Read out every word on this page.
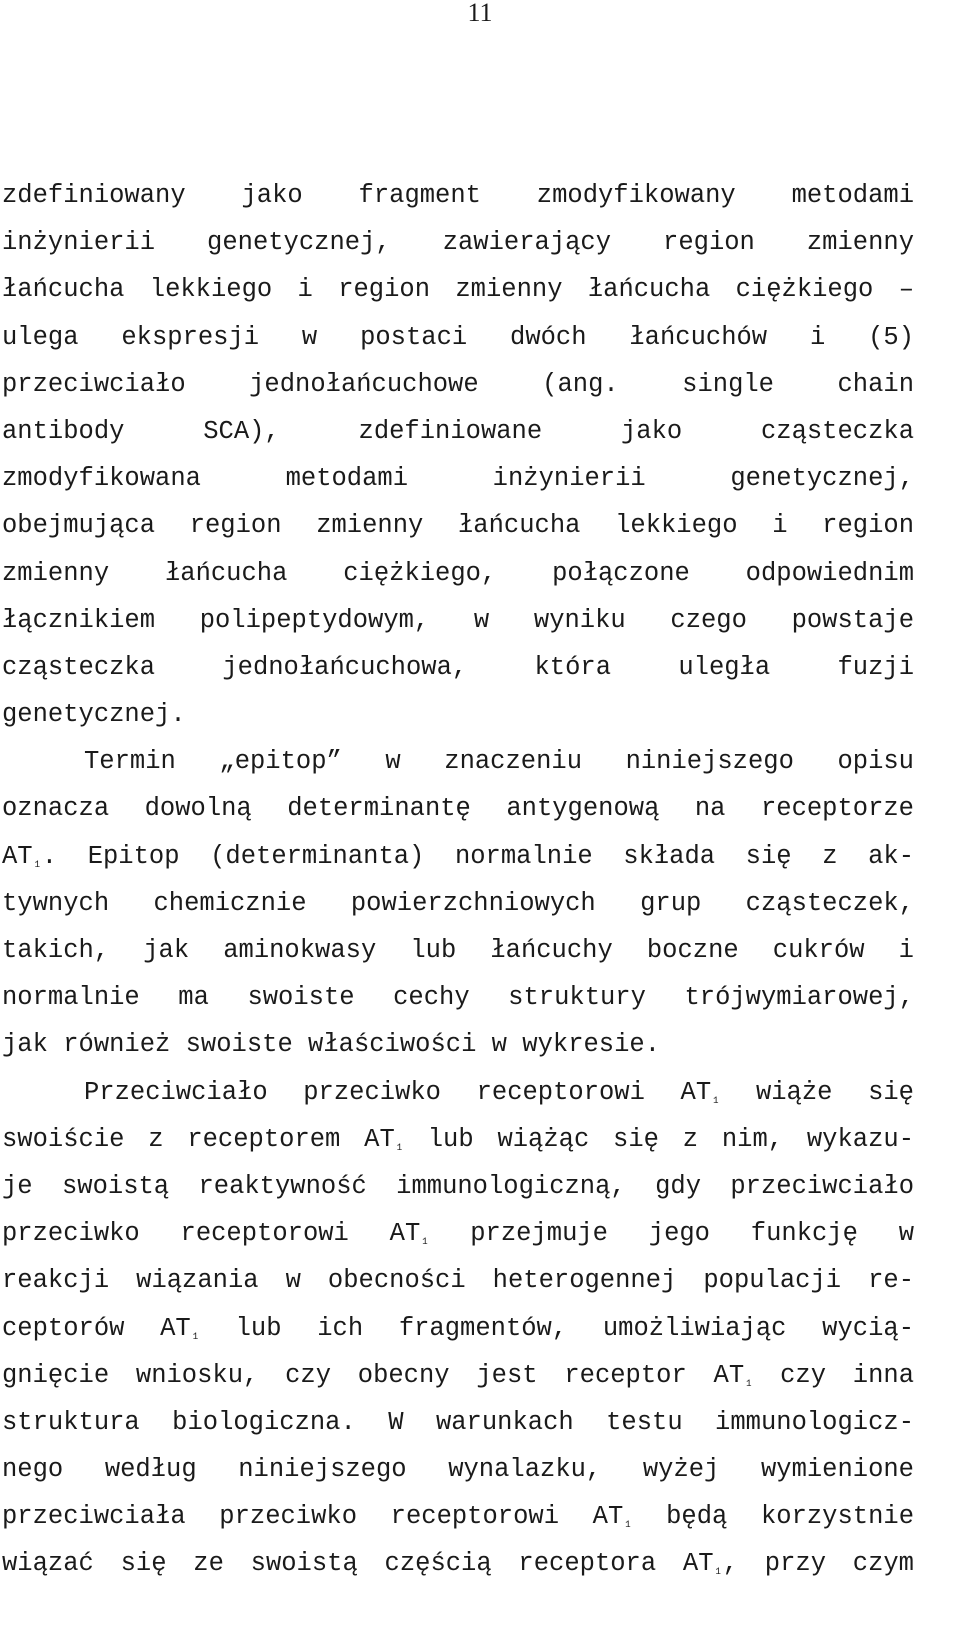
11
zdefiniowany jako fragment zmodyfikowany metodami
inżynierii genetycznej, zawierający region zmienny
łańcucha lekkiego i region zmienny łańcucha ciężkiego –
ulega ekspresji w postaci dwóch łańcuchów i (5)
przeciwciało jednołańcuchowe (ang. single chain
antibody SCA), zdefiniowane jako cząsteczka
zmodyfikowana metodami inżynierii genetycznej,
obejmująca region zmienny łańcucha lekkiego i region
zmienny łańcucha ciężkiego, połączone odpowiednim
łącznikiem polipeptydowym, w wyniku czego powstaje
cząsteczka jednołańcuchowa, która uległa fuzji
genetycznej.
Termin „epitop” w znaczeniu niniejszego opisu
oznacza dowolną determinantę antygenową na receptorze
$AT_{_1}$. Epitop (determinanta) normalnie składa się z ak-
tywnych chemicznie powierzchniowych grup cząsteczek,
takich, jak aminokwasy lub łańcuchy boczne cukrów i
normalnie ma swoiste cechy struktury trójwymiarowej,
jak również swoiste właściwości w wykresie.
Przeciwciało przeciwko receptorowi $AT_{_1}$ wiąże się
swoiście z receptorem $AT_{_1}$ lub wiążąc się z nim, wykazu-
je swoistą reaktywność immunologiczną, gdy przeciwciało
przeciwko receptorowi $AT_{_1}$ przejmuje jego funkcję w
reakcji wiązania w obecności heterogennej populacji re-
ceptorów $AT_{_1}$ lub ich fragmentów, umożliwiając wycią-
gnięcie wniosku, czy obecny jest receptor $AT_{_1}$ czy inna
struktura biologiczna. W warunkach testu immunologicz-
nego według niniejszego wynalazku, wyżej wymienione
przeciwciała przeciwko receptorowi $AT_{_1}$ będą korzystnie
wiązać się ze swoistą częścią receptora $AT_{_1}$, przy czym
